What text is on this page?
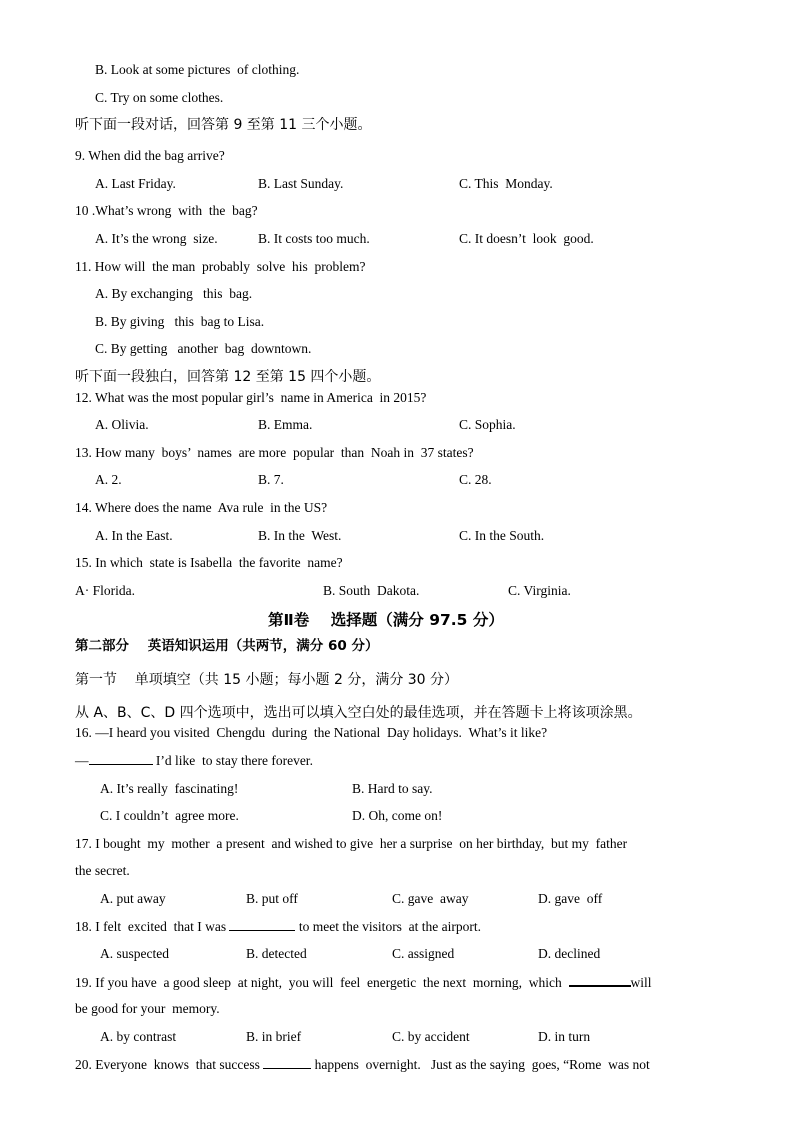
B. Look at some pictures  of clothing.
C. Try on some clothes.
听下面一段对话，回答第 9 至第 11 三个小题。
9. When did the bag arrive?
A. Last Friday.	B. Last Sunday.	C. This  Monday.
10 .What’s wrong  with  the  bag?
A. It’s the wrong  size.	B. It costs too much.	C. It doesn’t  look  good.
11. How will  the man  probably  solve  his  problem?
A. By exchanging   this  bag.
B. By giving   this  bag to Lisa.
C. By getting   another  bag  downtown.
听下面一段独白，回答第 12 至第 15 四个小题。
12. What was the most popular girl’s  name in America  in 2015?
A. Olivia.	B. Emma.	C. Sophia.
13. How many  boys’  names  are more  popular  than  Noah in  37 states?
A. 2.	B. 7.	C. 28.
14. Where does the name  Ava rule  in the US?
A. In the East.	B. In the  West.	C. In the South.
15. In which  state is Isabella  the favorite  name?
A· Florida.	B. South  Dakota.	C. Virginia.
第Ⅱ卷    选择题（满分 97.5 分）
第二部分    英语知识运用（共两节，满分 60 分）
第一节    单项填空（共 15 小题；每小题 2 分，满分 30 分）
从 A、B、C、D 四个选项中，选出可以填入空白处的最佳选项，并在答题卡上将该项涂黑。
16. —I heard you visited  Chengdu  during  the National  Day holidays.  What’s it like?
—	I’d like  to stay there forever.
A. It’s really  fascinating!	B. Hard to say.
C. I couldn’t  agree more.	D. Oh, come on!
17. I bought  my  mother  a present  and wished to give  her a surprise  on her birthday,  but my  father
the secret.
A. put away	B. put off	C. gave  away	D. gave  off
18. I felt  excited  that I was	to meet the visitors  at the airport.
A. suspected	B. detected	C. assigned	D. declined
19. If you have  a good sleep  at night,  you will  feel  energetic  the next  morning,  which	will
be good for your  memory.
A. by contrast	B. in brief	C. by accident	D. in turn
20. Everyone  knows  that success	happens  overnight.   Just as the saying  goes, “Rome  was not
